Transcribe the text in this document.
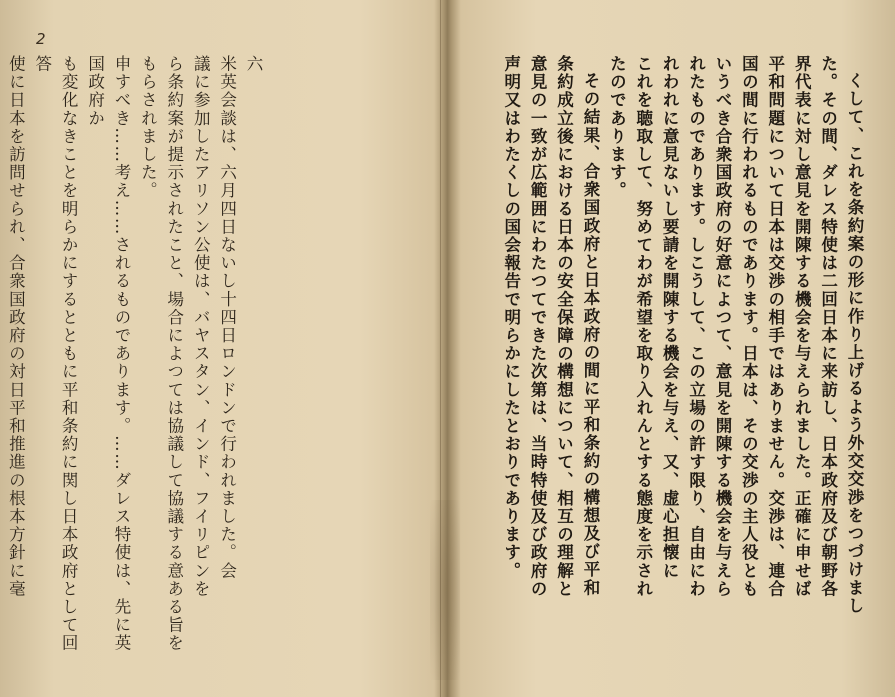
2
六
米英会談は、六月四日ないし十四日ロンドンで行われました。会
議に参加したアリソン公使は、バヤスタン、インド、フイリピンを
ら条約案が提示されたこと、場合によつては協議して協議する意ある旨をもらされました。
申すべき……考え……されるものであります。……ダレス特使は、先に英国政府か
も変化なきことを明らかにするとともに平和条約に関し日本政府として回答
使に日本を訪問せられ、合衆国政府の対日平和推進の根本方針に毫	くして、これを条約案の形に作り上げるよう外交交渉をつづけまし
た。その間、ダレス特使は二回日本に来訪し、日本政府及び朝野各
界代表に対し意見を開陳する機会を与えられました。正確に申せば
平和問題について日本は交渉の相手ではありません。交渉は、連合
国の間に行われるものであります。日本は、その交渉の主人役とも
いうべき合衆国政府の好意によつて、意見を開陳する機会を与えら
れたものであります。しこうして、この立場の許す限り、自由にわ
れわれに意見ないし要請を開陳する機会を与え、又、虚心担懐に
これを聴取して、努めてわが希望を取り入れんとする態度を示され
たのであります。
その結果、合衆国政府と日本政府の間に平和条約の構想及び平和
条約成立後における日本の安全保障の構想について、相互の理解と
意見の一致が広範囲にわたつてできた次第は、当時特使及び政府の
声明又はわたくしの国会報告で明らかにしたとおりであります。
